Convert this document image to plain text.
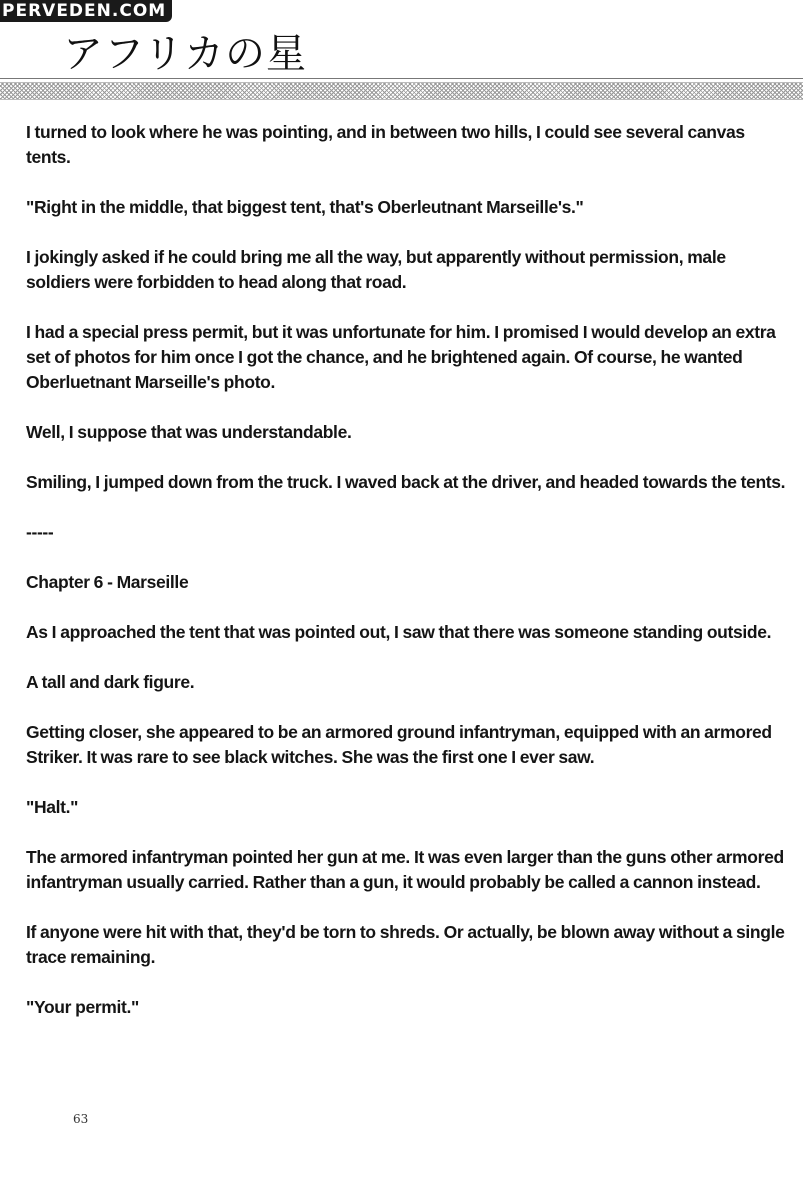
PERVEDEN.COM
アフリカの星

I turned to look where he was pointing, and in between two hills, I could see several canvas tents.

"Right in the middle, that biggest tent, that's Oberleutnant Marseille's."

I jokingly asked if he could bring me all the way, but apparently without permission, male soldiers were forbidden to head along that road.

I had a special press permit, but it was unfortunate for him. I promised I would develop an extra set of photos for him once I got the chance, and he brightened again. Of course, he wanted Oberluetnant Marseille's photo.

Well, I suppose that was understandable.

Smiling, I jumped down from the truck. I waved back at the driver, and headed towards the tents.

-----

Chapter 6 - Marseille

As I approached the tent that was pointed out, I saw that there was someone standing outside.

A tall and dark figure.

Getting closer, she appeared to be an armored ground infantryman, equipped with an armored Striker. It was rare to see black witches. She was the first one I ever saw.

"Halt."

The armored infantryman pointed her gun at me. It was even larger than the guns other armored infantryman usually carried. Rather than a gun, it would probably be called a cannon instead.

If anyone were hit with that, they'd be torn to shreds. Or actually, be blown away without a single trace remaining.

"Your permit."

63
